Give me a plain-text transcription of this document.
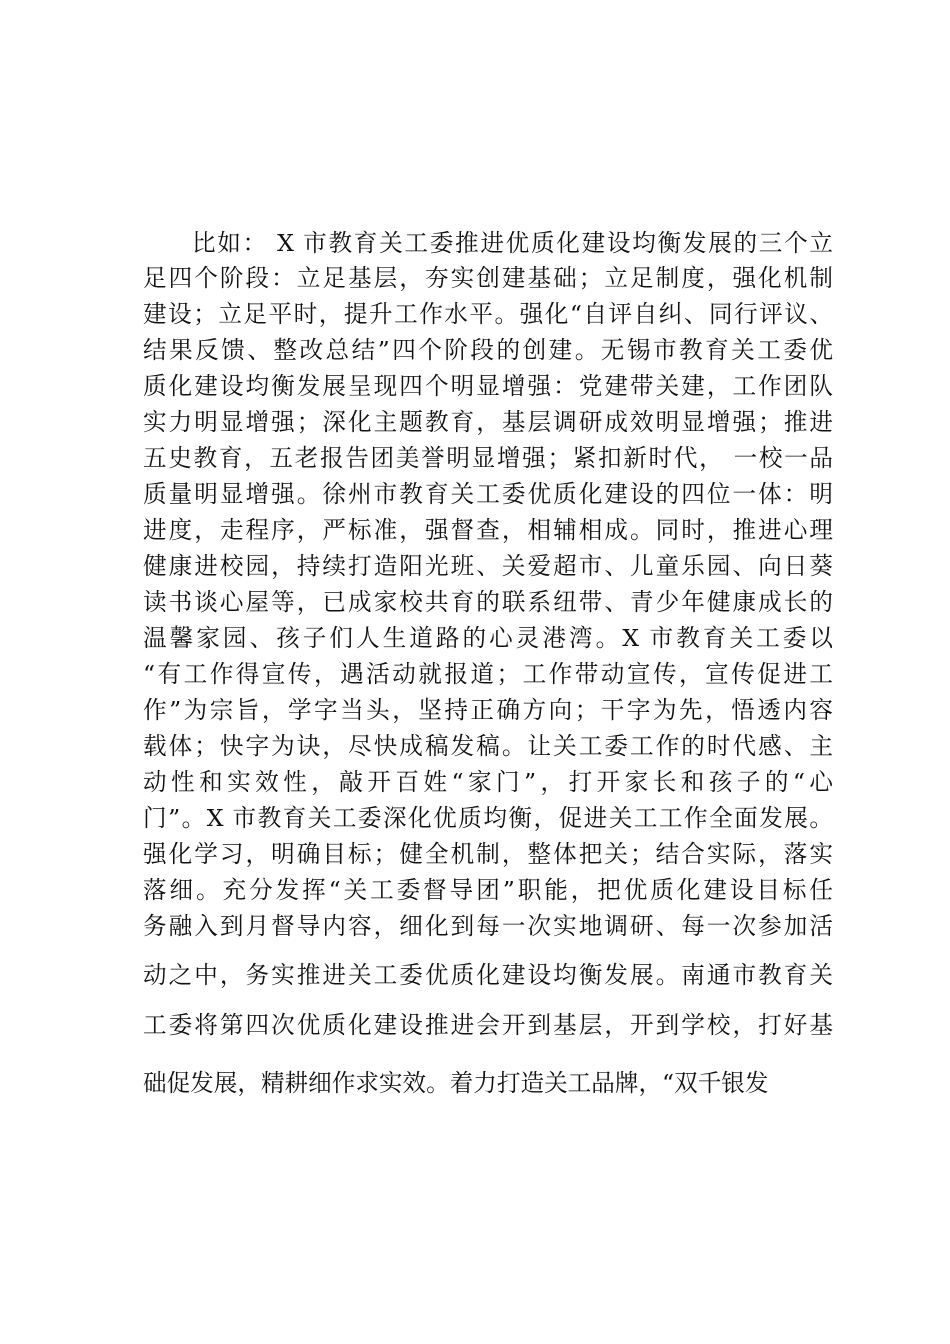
比如： X 市教育关工委推进优质化建设均衡发展的三个立
足四个阶段：立足基层，夯实创建基础；立足制度，强化机制
建设；立足平时，提升工作水平。强化“自评自纠、同行评议、
结果反馈、整改总结”四个阶段的创建。无锡市教育关工委优
质化建设均衡发展呈现四个明显增强：党建带关建，工作团队
实力明显增强；深化主题教育，基层调研成效明显增强；推进
五史教育，五老报告团美誉明显增强；紧扣新时代， 一校一品
质量明显增强。徐州市教育关工委优质化建设的四位一体：明
进度，走程序，严标准，强督查，相辅相成。同时，推进心理
健康进校园，持续打造阳光班、关爱超市、儿童乐园、向日葵
读书谈心屋等，已成家校共育的联系纽带、青少年健康成长的
温馨家园、孩子们人生道路的心灵港湾。X 市教育关工委以
“有工作得宣传，遇活动就报道；工作带动宣传，宣传促进工
作”为宗旨，学字当头，坚持正确方向；干字为先，悟透内容
载体；快字为诀，尽快成稿发稿。让关工委工作的时代感、主
动性和实效性，敲开百姓“家门”，打开家长和孩子的“心
门”。X 市教育关工委深化优质均衡，促进关工工作全面发展。
强化学习，明确目标；健全机制，整体把关；结合实际，落实
落细。充分发挥“关工委督导团”职能，把优质化建设目标任
务融入到月督导内容，细化到每一次实地调研、每一次参加活
动之中，务实推进关工委优质化建设均衡发展。南通市教育关
工委将第四次优质化建设推进会开到基层，开到学校，打好基
础促发展，精耕细作求实效。着力打造关工品牌，“双千银发
